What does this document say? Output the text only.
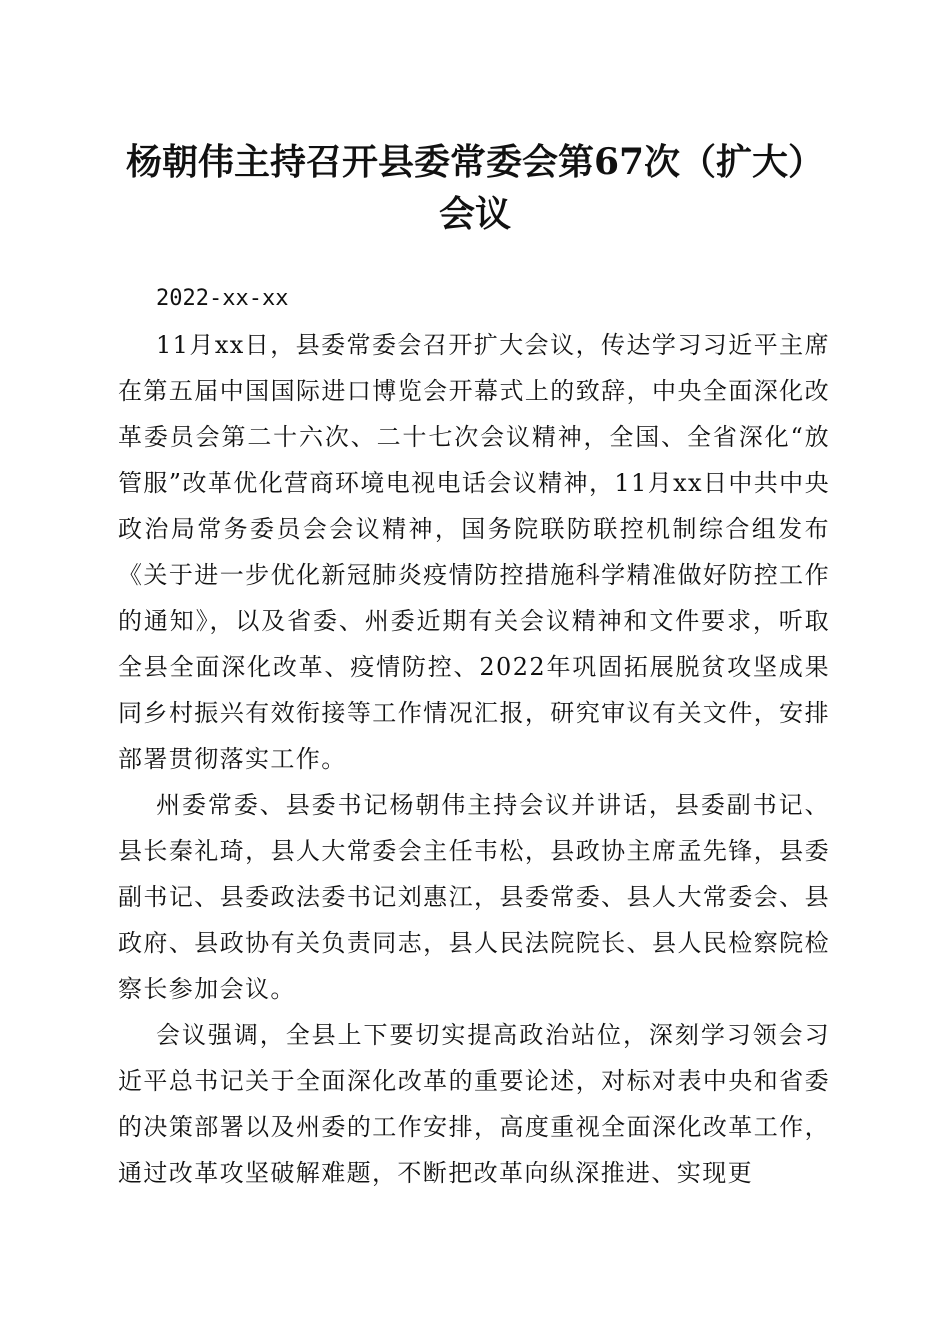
杨朝伟主持召开县委常委会第67次（扩大）
会议
2022-xx-xx

11月xx日，县委常委会召开扩大会议，传达学习习近平主席在第五届中国国际进口博览会开幕式上的致辞，中央全面深化改革委员会第二十六次、二十七次会议精神，全国、全省深化“放管服”改革优化营商环境电视电话会议精神，11月xx日中共中央政治局常务委员会会议精神，国务院联防联控机制综合组发布《关于进一步优化新冠肺炎疫情防控措施科学精准做好防控工作的通知》，以及省委、州委近期有关会议精神和文件要求，听取全县全面深化改革、疫情防控、2022年巩固拓展脱贫攻坚成果同乡村振兴有效衔接等工作情况汇报，研究审议有关文件，安排部署贯彻落实工作。

州委常委、县委书记杨朝伟主持会议并讲话，县委副书记、县长秦礼琦，县人大常委会主任韦松，县政协主席孟先锋，县委副书记、县委政法委书记刘惠江，县委常委、县人大常委会、县政府、县政协有关负责同志，县人民法院院长、县人民检察院检察长参加会议。

会议强调，全县上下要切实提高政治站位，深刻学习领会习近平总书记关于全面深化改革的重要论述，对标对表中央和省委的决策部署以及州委的工作安排，高度重视全面深化改革工作，通过改革攻坚破解难题，不断把改革向纵深推进、实现更
